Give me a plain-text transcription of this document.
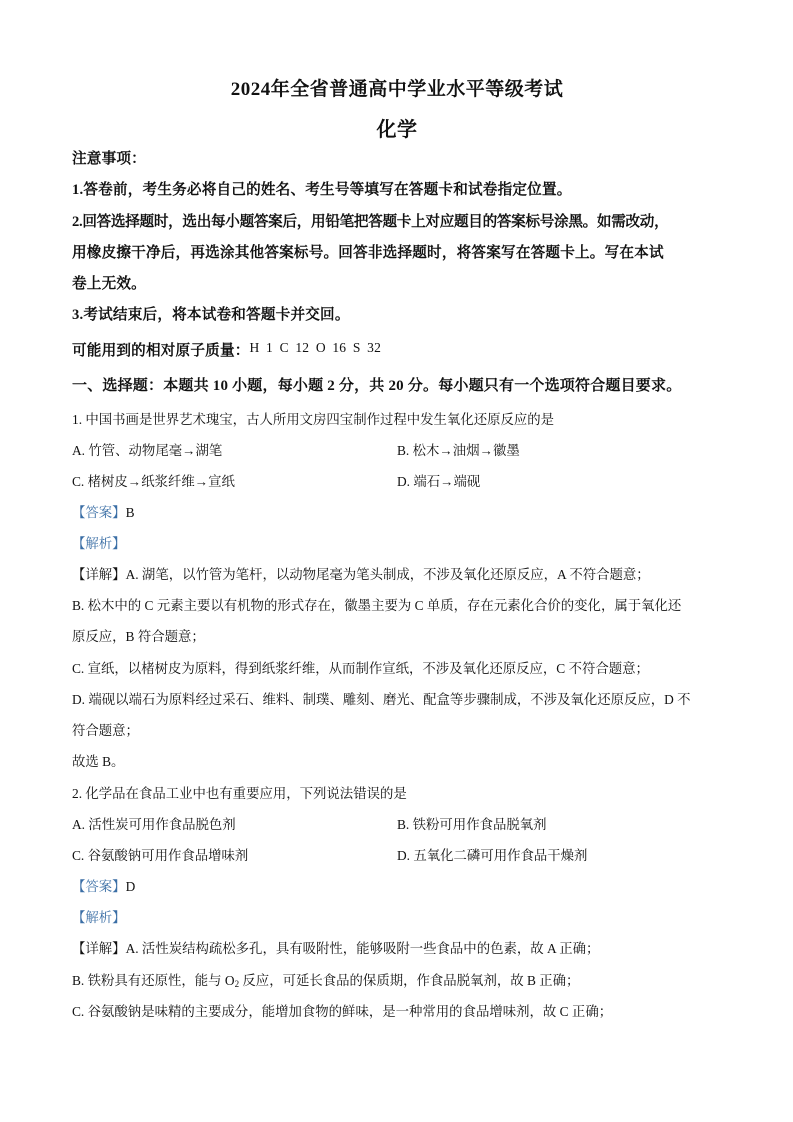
2024年全省普通高中学业水平等级考试
化学
注意事项：
1.答卷前，考生务必将自己的姓名、考生号等填写在答题卡和试卷指定位置。
2.回答选择题时，选出每小题答案后，用铅笔把答题卡上对应题目的答案标号涂黑。如需改动，
用橡皮擦干净后，再选涂其他答案标号。回答非选择题时，将答案写在答题卡上。写在本试
卷上无效。
3.考试结束后，将本试卷和答题卡并交回。
可能用到的相对原子质量：H 1 C 12 O 16 S 32
一、选择题：本题共 10 小题，每小题 2 分，共 20 分。每小题只有一个选项符合题目要求。
1. 中国书画是世界艺术瑰宝，古人所用文房四宝制作过程中发生氧化还原反应的是
A. 竹管、动物尾毫→湖笔	B. 松木→油烟→徽墨
C. 楮树皮→纸浆纤维→宣纸	D. 端石→端砚
【答案】B
【解析】
【详解】A. 湖笔，以竹管为笔杆，以动物尾毫为笔头制成，不涉及氧化还原反应，A 不符合题意；
B. 松木中的 C 元素主要以有机物的形式存在，徽墨主要为 C 单质，存在元素化合价的变化，属于氧化还
原反应，B 符合题意；
C. 宣纸，以楮树皮为原料，得到纸浆纤维，从而制作宣纸，不涉及氧化还原反应，C 不符合题意；
D. 端砚以端石为原料经过采石、维料、制璞、雕刻、磨光、配盒等步骤制成，不涉及氧化还原反应，D 不
符合题意；
故选 B。
2. 化学品在食品工业中也有重要应用，下列说法错误的是
A. 活性炭可用作食品脱色剂	B. 铁粉可用作食品脱氧剂
C. 谷氨酸钠可用作食品增味剂	D. 五氧化二磷可用作食品干燥剂
【答案】D
【解析】
【详解】A. 活性炭结构疏松多孔，具有吸附性，能够吸附一些食品中的色素，故 A 正确；
B. 铁粉具有还原性，能与 $O_2$ 反应，可延长食品的保质期，作食品脱氧剂，故 B 正确；
C. 谷氨酸钠是味精的主要成分，能增加食物的鲜味，是一种常用的食品增味剂，故 C 正确；
